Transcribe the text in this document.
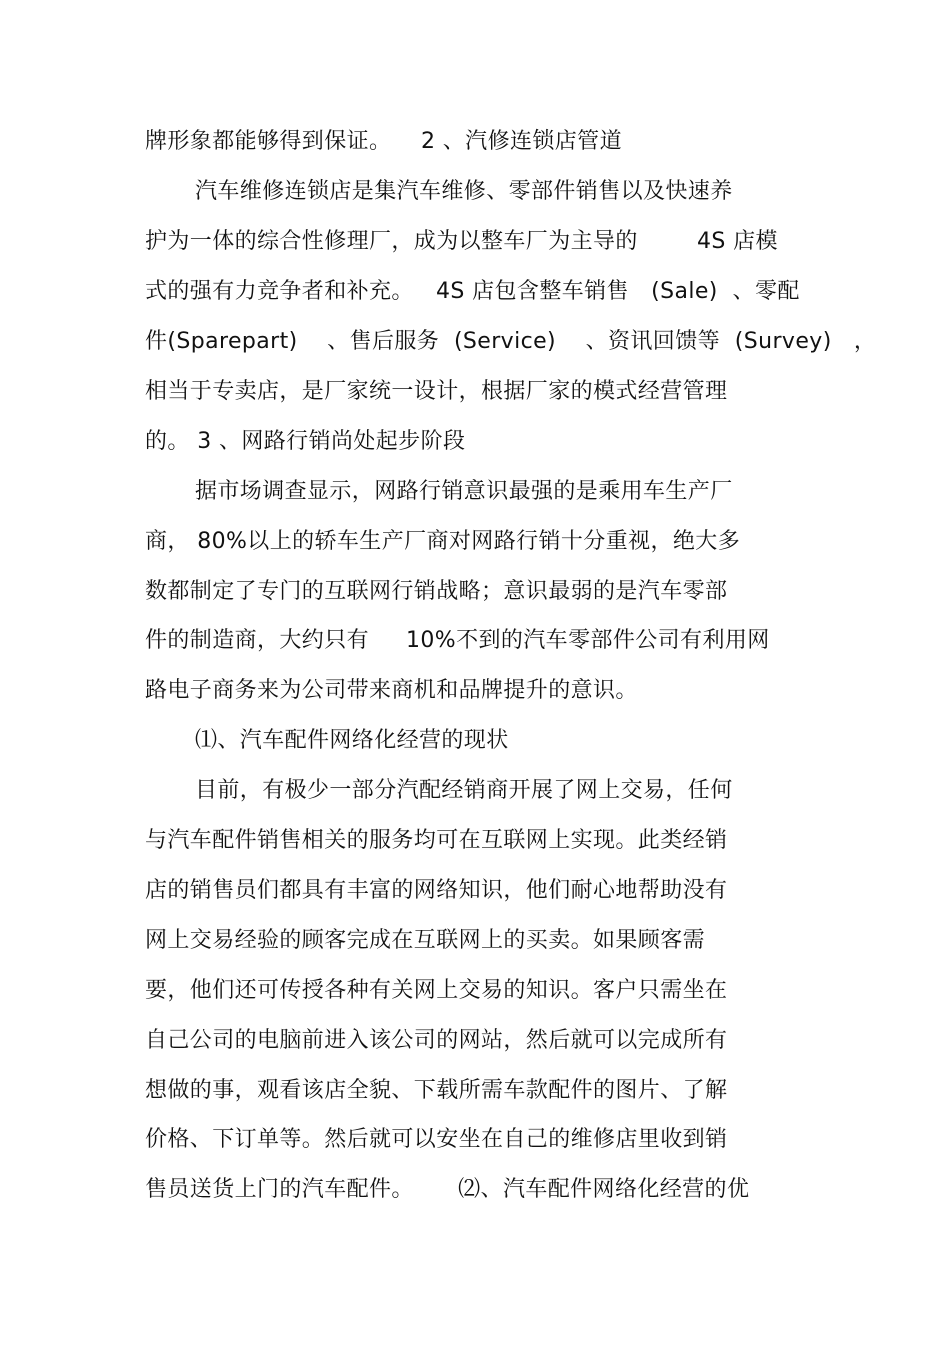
牌形象都能够得到保证。    2 、汽修连锁店管道
汽车维修连锁店是集汽车维修、零部件销售以及快速养
护为一体的综合性修理厂，成为以整车厂为主导的        4S 店模
式的强有力竞争者和补充。   4S 店包含整车销售   (Sale)  、零配
件(Sparepart)    、售后服务  (Service)    、资讯回馈等  (Survey)   ，
相当于专卖店，是厂家统一设计，根据厂家的模式经营管理
的。 3 、网路行销尚处起步阶段
据市场调查显示，网路行销意识最强的是乘用车生产厂
商， 80%以上的轿车生产厂商对网路行销十分重视，绝大多
数都制定了专门的互联网行销战略；意识最弱的是汽车零部
件的制造商，大约只有     10%不到的汽车零部件公司有利用网
路电子商务来为公司带来商机和品牌提升的意识。
⑴、汽车配件网络化经营的现状
目前，有极少一部分汽配经销商开展了网上交易，任何
与汽车配件销售相关的服务均可在互联网上实现。此类经销
店的销售员们都具有丰富的网络知识，他们耐心地帮助没有
网上交易经验的顾客完成在互联网上的买卖。如果顾客需
要，他们还可传授各种有关网上交易的知识。客户只需坐在
自己公司的电脑前进入该公司的网站，然后就可以完成所有
想做的事，观看该店全貌、下载所需车款配件的图片、了解
价格、下订单等。然后就可以安坐在自己的维修店里收到销
售员送货上门的汽车配件。      ⑵、汽车配件网络化经营的优
